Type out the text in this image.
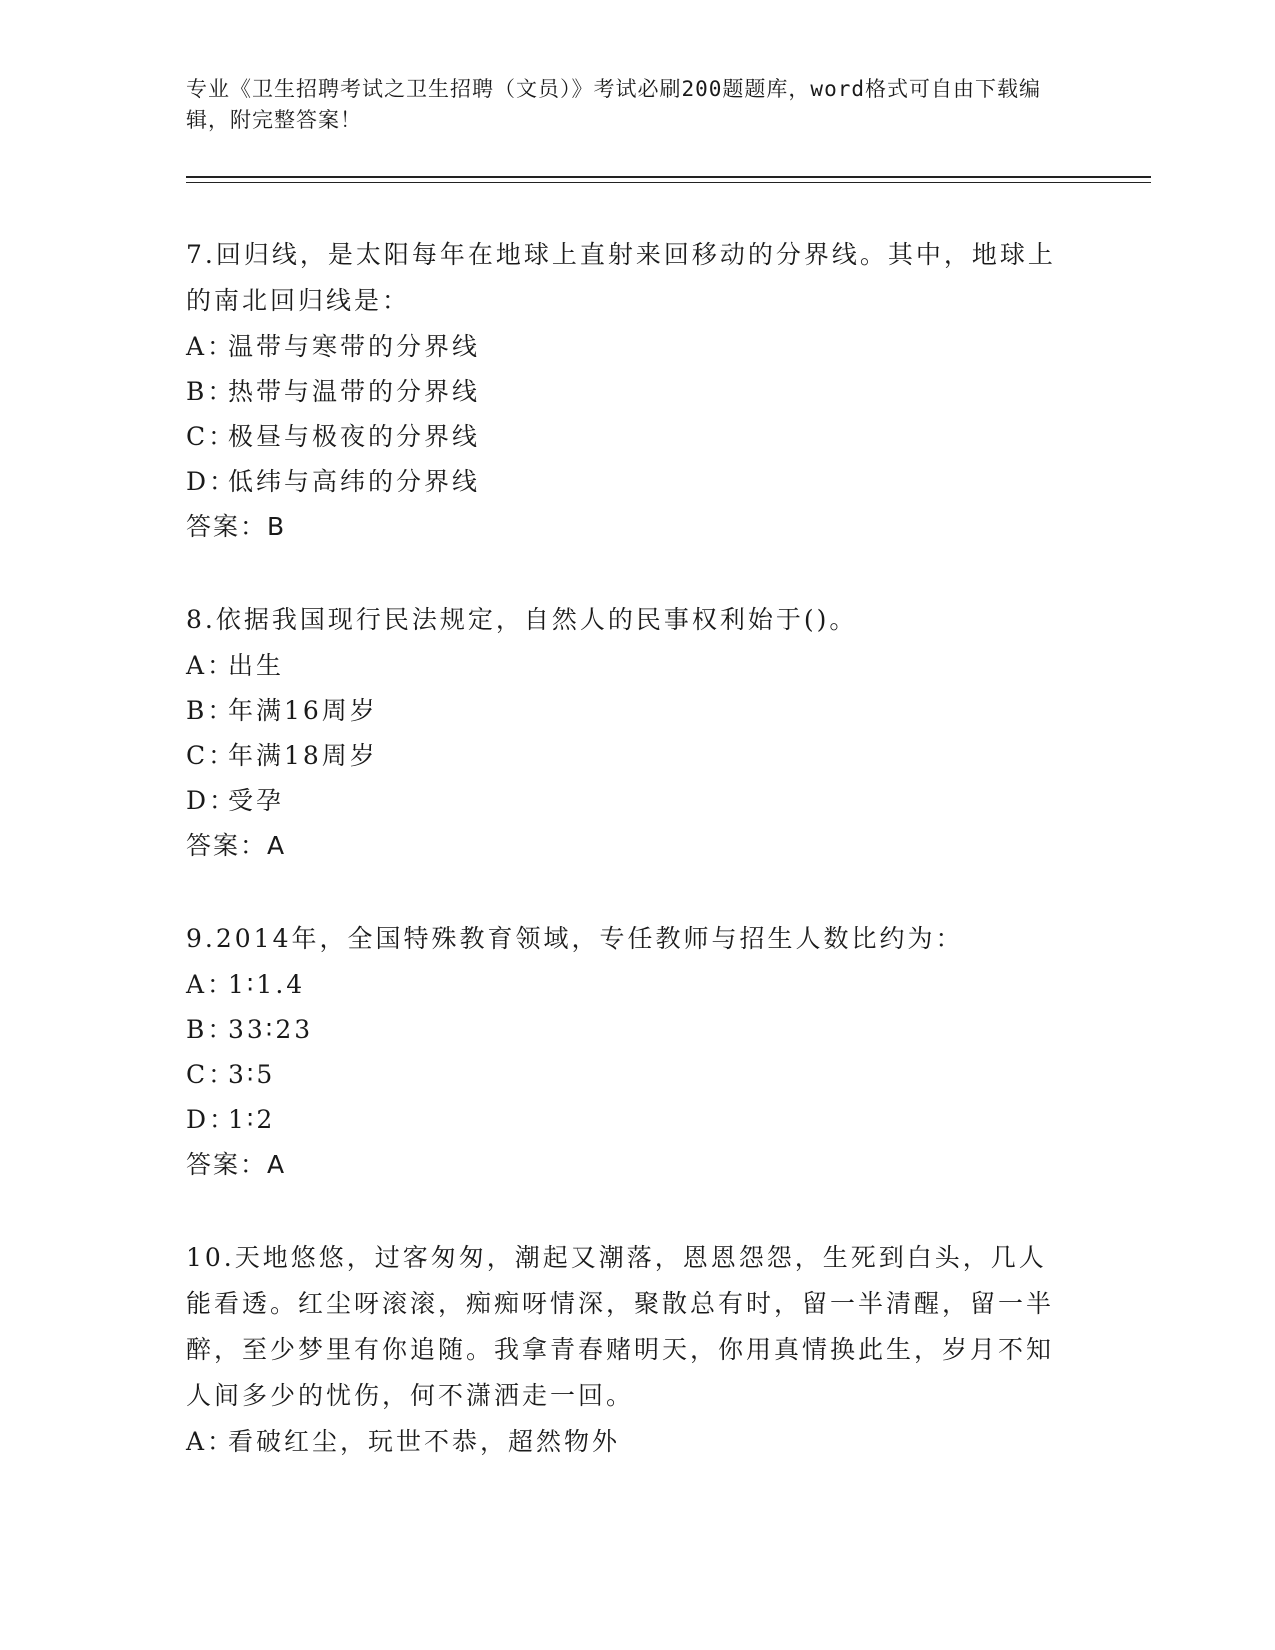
专业《卫生招聘考试之卫生招聘（文员）》考试必刷200题题库，word格式可自由下载编辑，附完整答案！

7.回归线，是太阳每年在地球上直射来回移动的分界线。其中，地球上的南北回归线是：

A：温带与寒带的分界线

B：热带与温带的分界线

C：极昼与极夜的分界线

D：低纬与高纬的分界线

答案：B

8.依据我国现行民法规定，自然人的民事权利始于()。

A：出生

B：年满16周岁

C：年满18周岁

D：受孕

答案：A

9.2014年，全国特殊教育领域，专任教师与招生人数比约为：

A：1∶1.4

B：33∶23

C：3∶5

D：1∶2

答案：A

10.天地悠悠，过客匆匆，潮起又潮落，恩恩怨怨，生死到白头，几人能看透。红尘呀滚滚，痴痴呀情深，聚散总有时，留一半清醒，留一半醉，至少梦里有你追随。我拿青春赌明天，你用真情换此生，岁月不知人间多少的忧伤，何不潇洒走一回。

A：看破红尘，玩世不恭，超然物外
